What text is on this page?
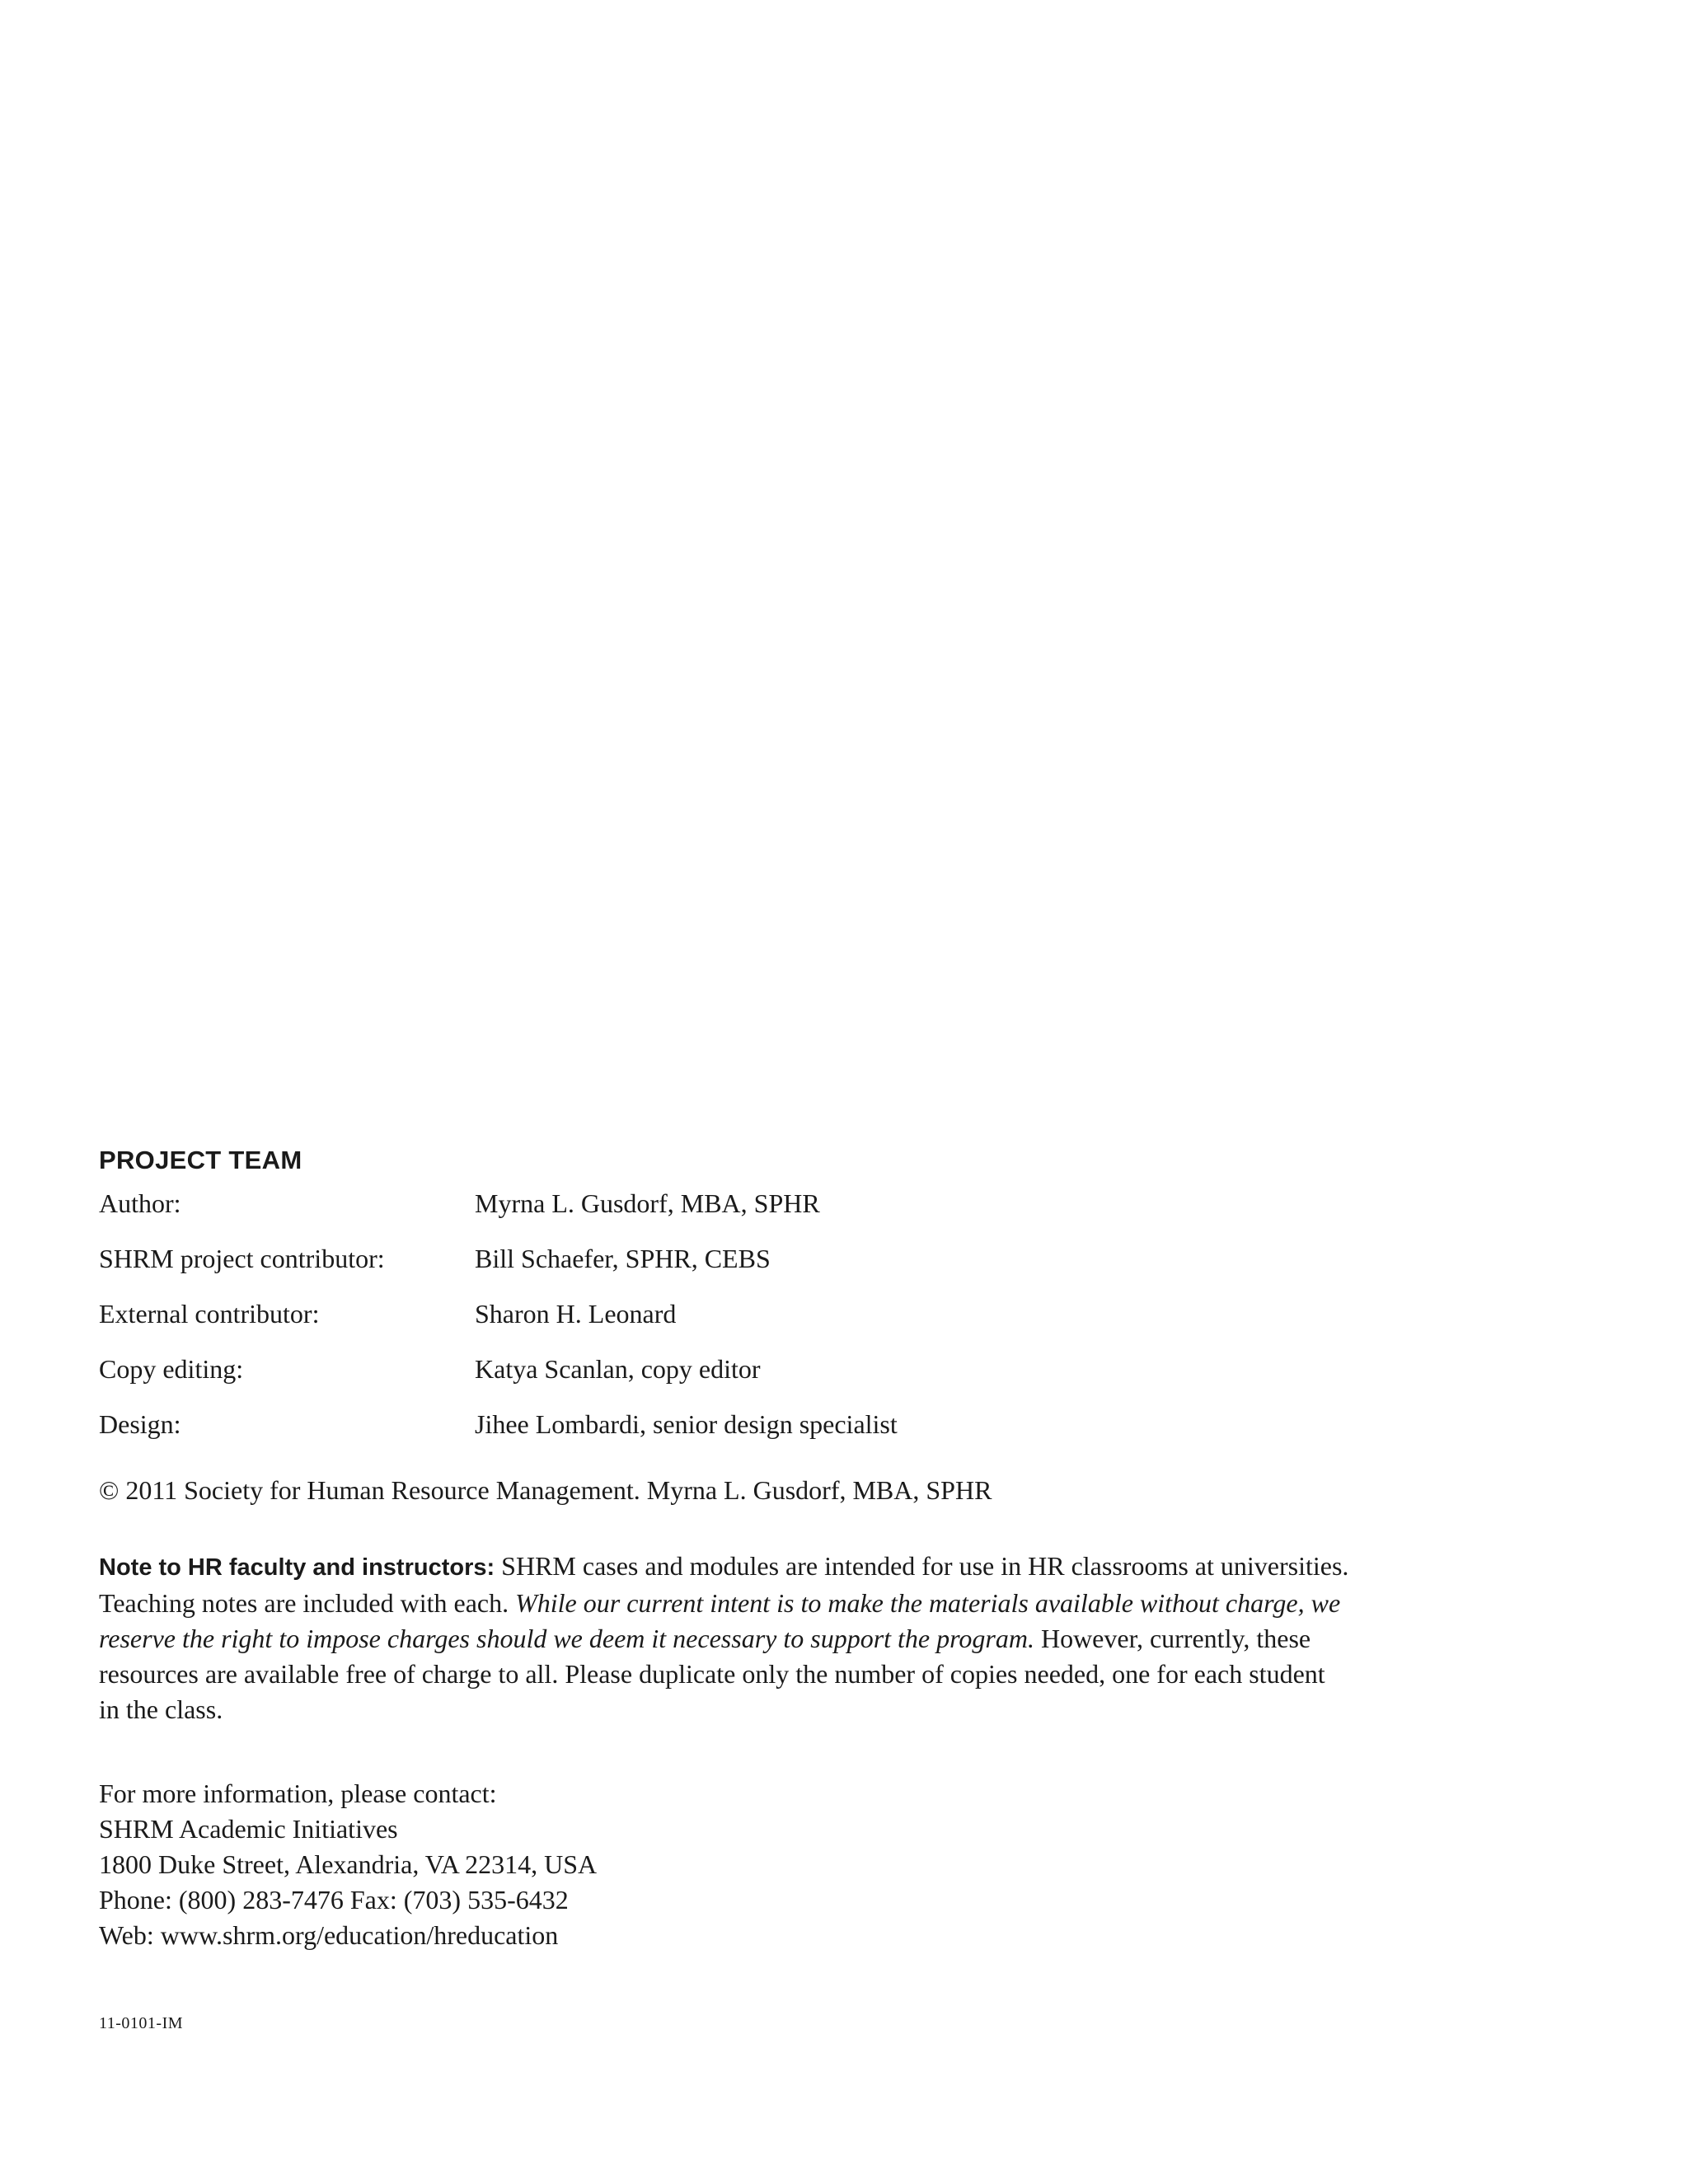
PROJECT TEAM
Author:	Myrna L. Gusdorf, MBA, SPHR
SHRM project contributor:	Bill Schaefer, SPHR, CEBS
External contributor:	Sharon H. Leonard
Copy editing:	Katya Scanlan, copy editor
Design:	Jihee Lombardi, senior design specialist
© 2011 Society for Human Resource Management. Myrna L. Gusdorf, MBA, SPHR
Note to HR faculty and instructors: SHRM cases and modules are intended for use in HR classrooms at universities. Teaching notes are included with each. While our current intent is to make the materials available without charge, we reserve the right to impose charges should we deem it necessary to support the program. However, currently, these resources are available free of charge to all. Please duplicate only the number of copies needed, one for each student in the class.
For more information, please contact:
SHRM Academic Initiatives
1800 Duke Street, Alexandria, VA 22314, USA
Phone: (800) 283-7476 Fax: (703) 535-6432
Web: www.shrm.org/education/hreducation
11-0101-IM
